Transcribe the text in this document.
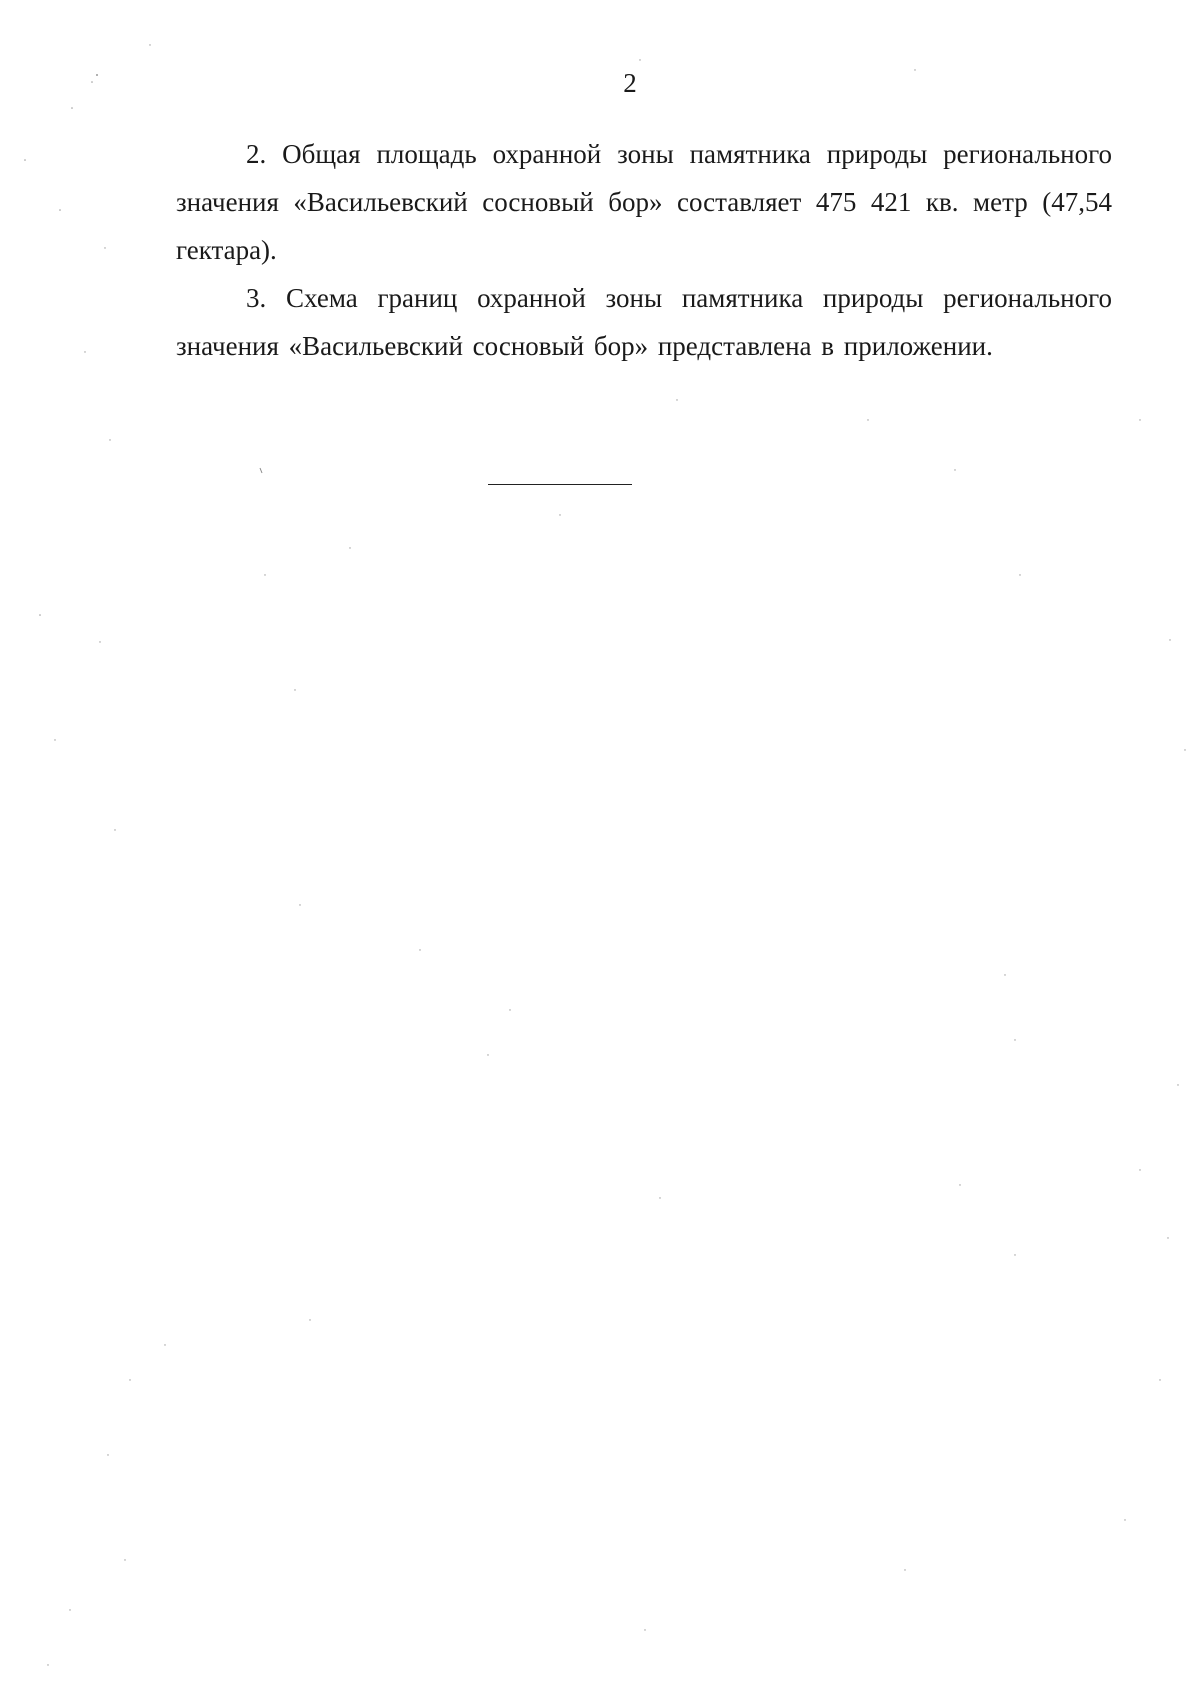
2

2. Общая площадь охранной зоны памятника природы регионального значения «Васильевский сосновый бор» составляет 475 421 кв. метр (47,54 гектара).

3. Схема границ охранной зоны памятника природы регионального значения «Васильевский сосновый бор» представлена в приложении.
